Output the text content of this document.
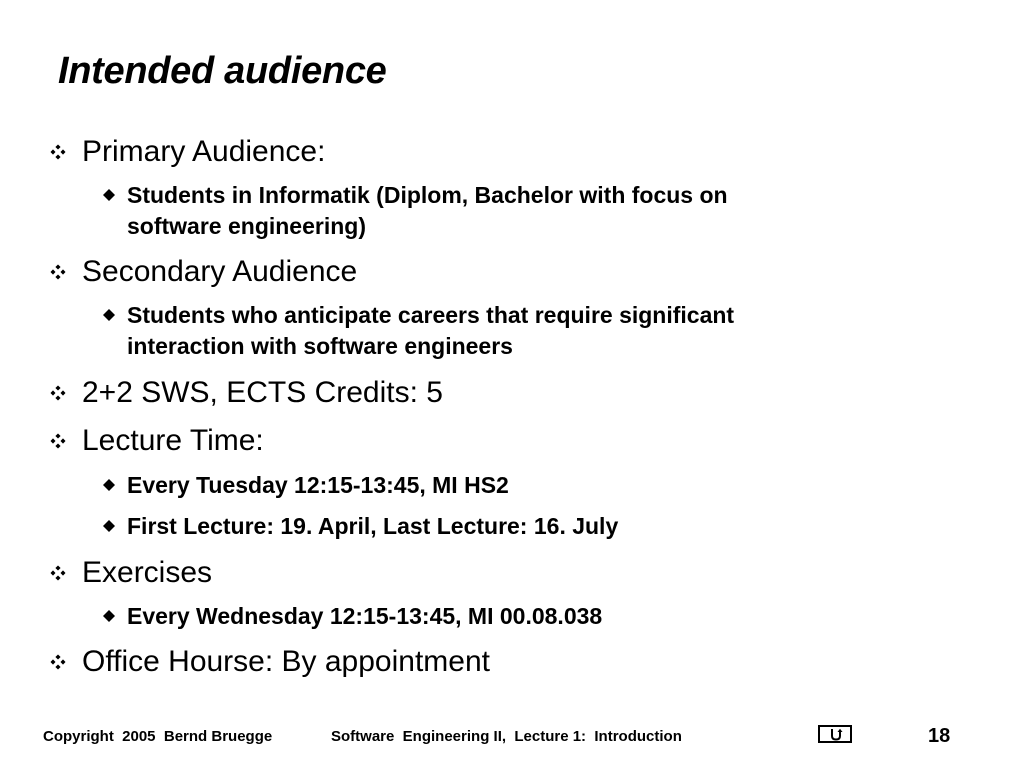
Intended audience
Primary Audience:
Students in Informatik (Diplom, Bachelor with focus on
software engineering)
Secondary Audience
Students who anticipate careers that require significant
interaction with software engineers
2+2 SWS, ECTS Credits: 5
Lecture Time:
Every Tuesday 12:15-13:45, MI HS2
First Lecture: 19. April, Last Lecture: 16. July
Exercises
Every Wednesday 12:15-13:45, MI 00.08.038
Office Hourse: By appointment
Copyright  2005  Bernd Bruegge	Software  Engineering II,  Lecture 1:  Introduction	18
